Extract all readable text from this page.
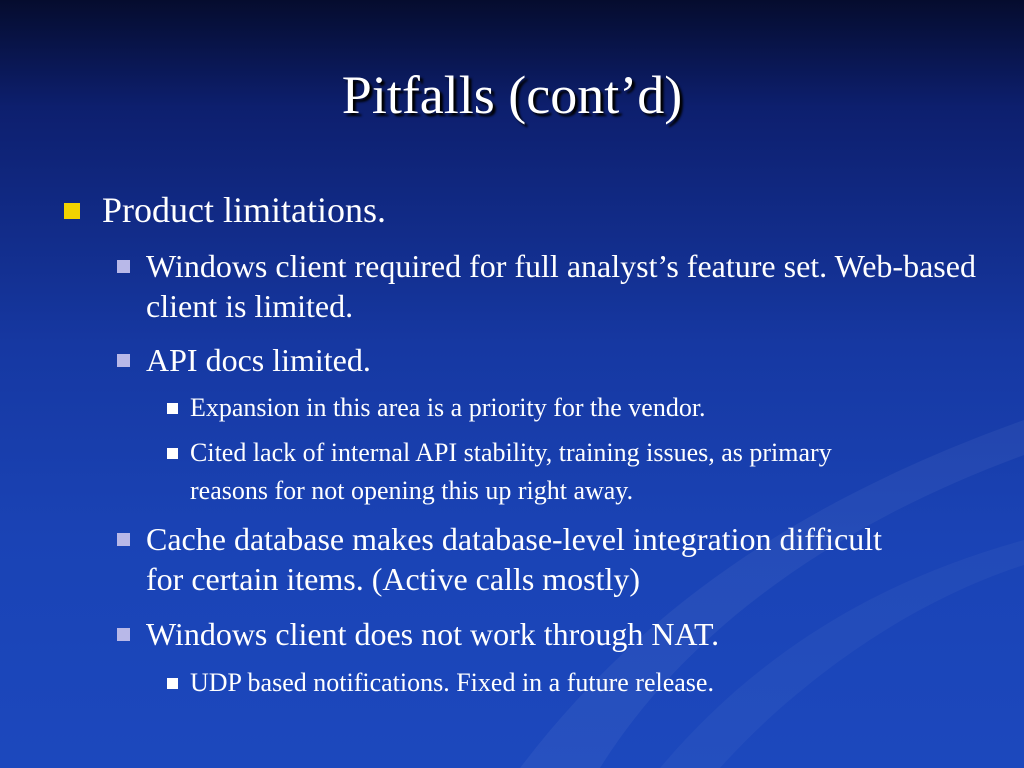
Pitfalls (cont’d)
Product limitations.
Windows client required for full analyst’s feature set. Web-based client is limited.
API docs limited.
Expansion in this area is a priority for the vendor.
Cited lack of internal API stability, training issues, as primary reasons for not opening this up right away.
Cache database makes database-level integration difficult for certain items. (Active calls mostly)
Windows client does not work through NAT.
UDP based notifications. Fixed in a future release.
